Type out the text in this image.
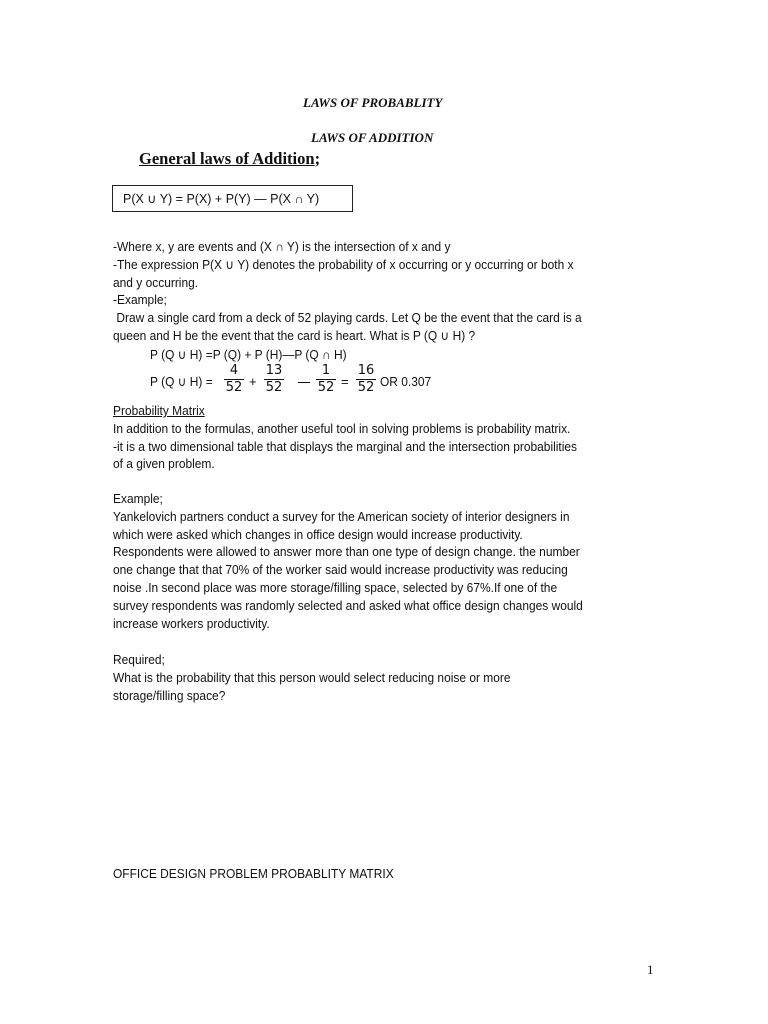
LAWS OF PROBABLITY
LAWS OF ADDITION
General laws of Addition;
P(X ∪ Y) = P(X) + P(Y) — P(X ∩ Y)

-Where x, y are events and (X ∩ Y) is the intersection of x and y

-The expression P(X ∪ Y) denotes the probability of x occurring or y occurring or both x

and y occurring.

-Example;

Draw a single card from a deck of 52 playing cards. Let Q be the event that the card is a

queen and H be the event that the card is heart. What is P (Q ∪ H) ?

P (Q ∪ H) =P (Q) + P (H)—P (Q ∩ H)
P (Q ∪ H) =
4
52 +
13
52
1
52 =
16
52 OR 0.307

Probability Matrix

In addition to the formulas, another useful tool in solving problems is probability matrix.

-it is a two dimensional table that displays the marginal and the intersection probabilities

of a given problem.

Example;

Yankelovich partners conduct a survey for the American society of interior designers in

which were asked which changes in office design would increase productivity.

Respondents were allowed to answer more than one type of design change. the number

one change that that 70% of the worker said would increase productivity was reducing

noise .In second place was more storage/filling space, selected by 67%.If one of the

survey respondents was randomly selected and asked what office design changes would

increase workers productivity.

Required;

What is the probability that this person would select reducing noise or more

storage/filling space?

OFFICE DESIGN PROBLEM PROBABLITY MATRIX

1
